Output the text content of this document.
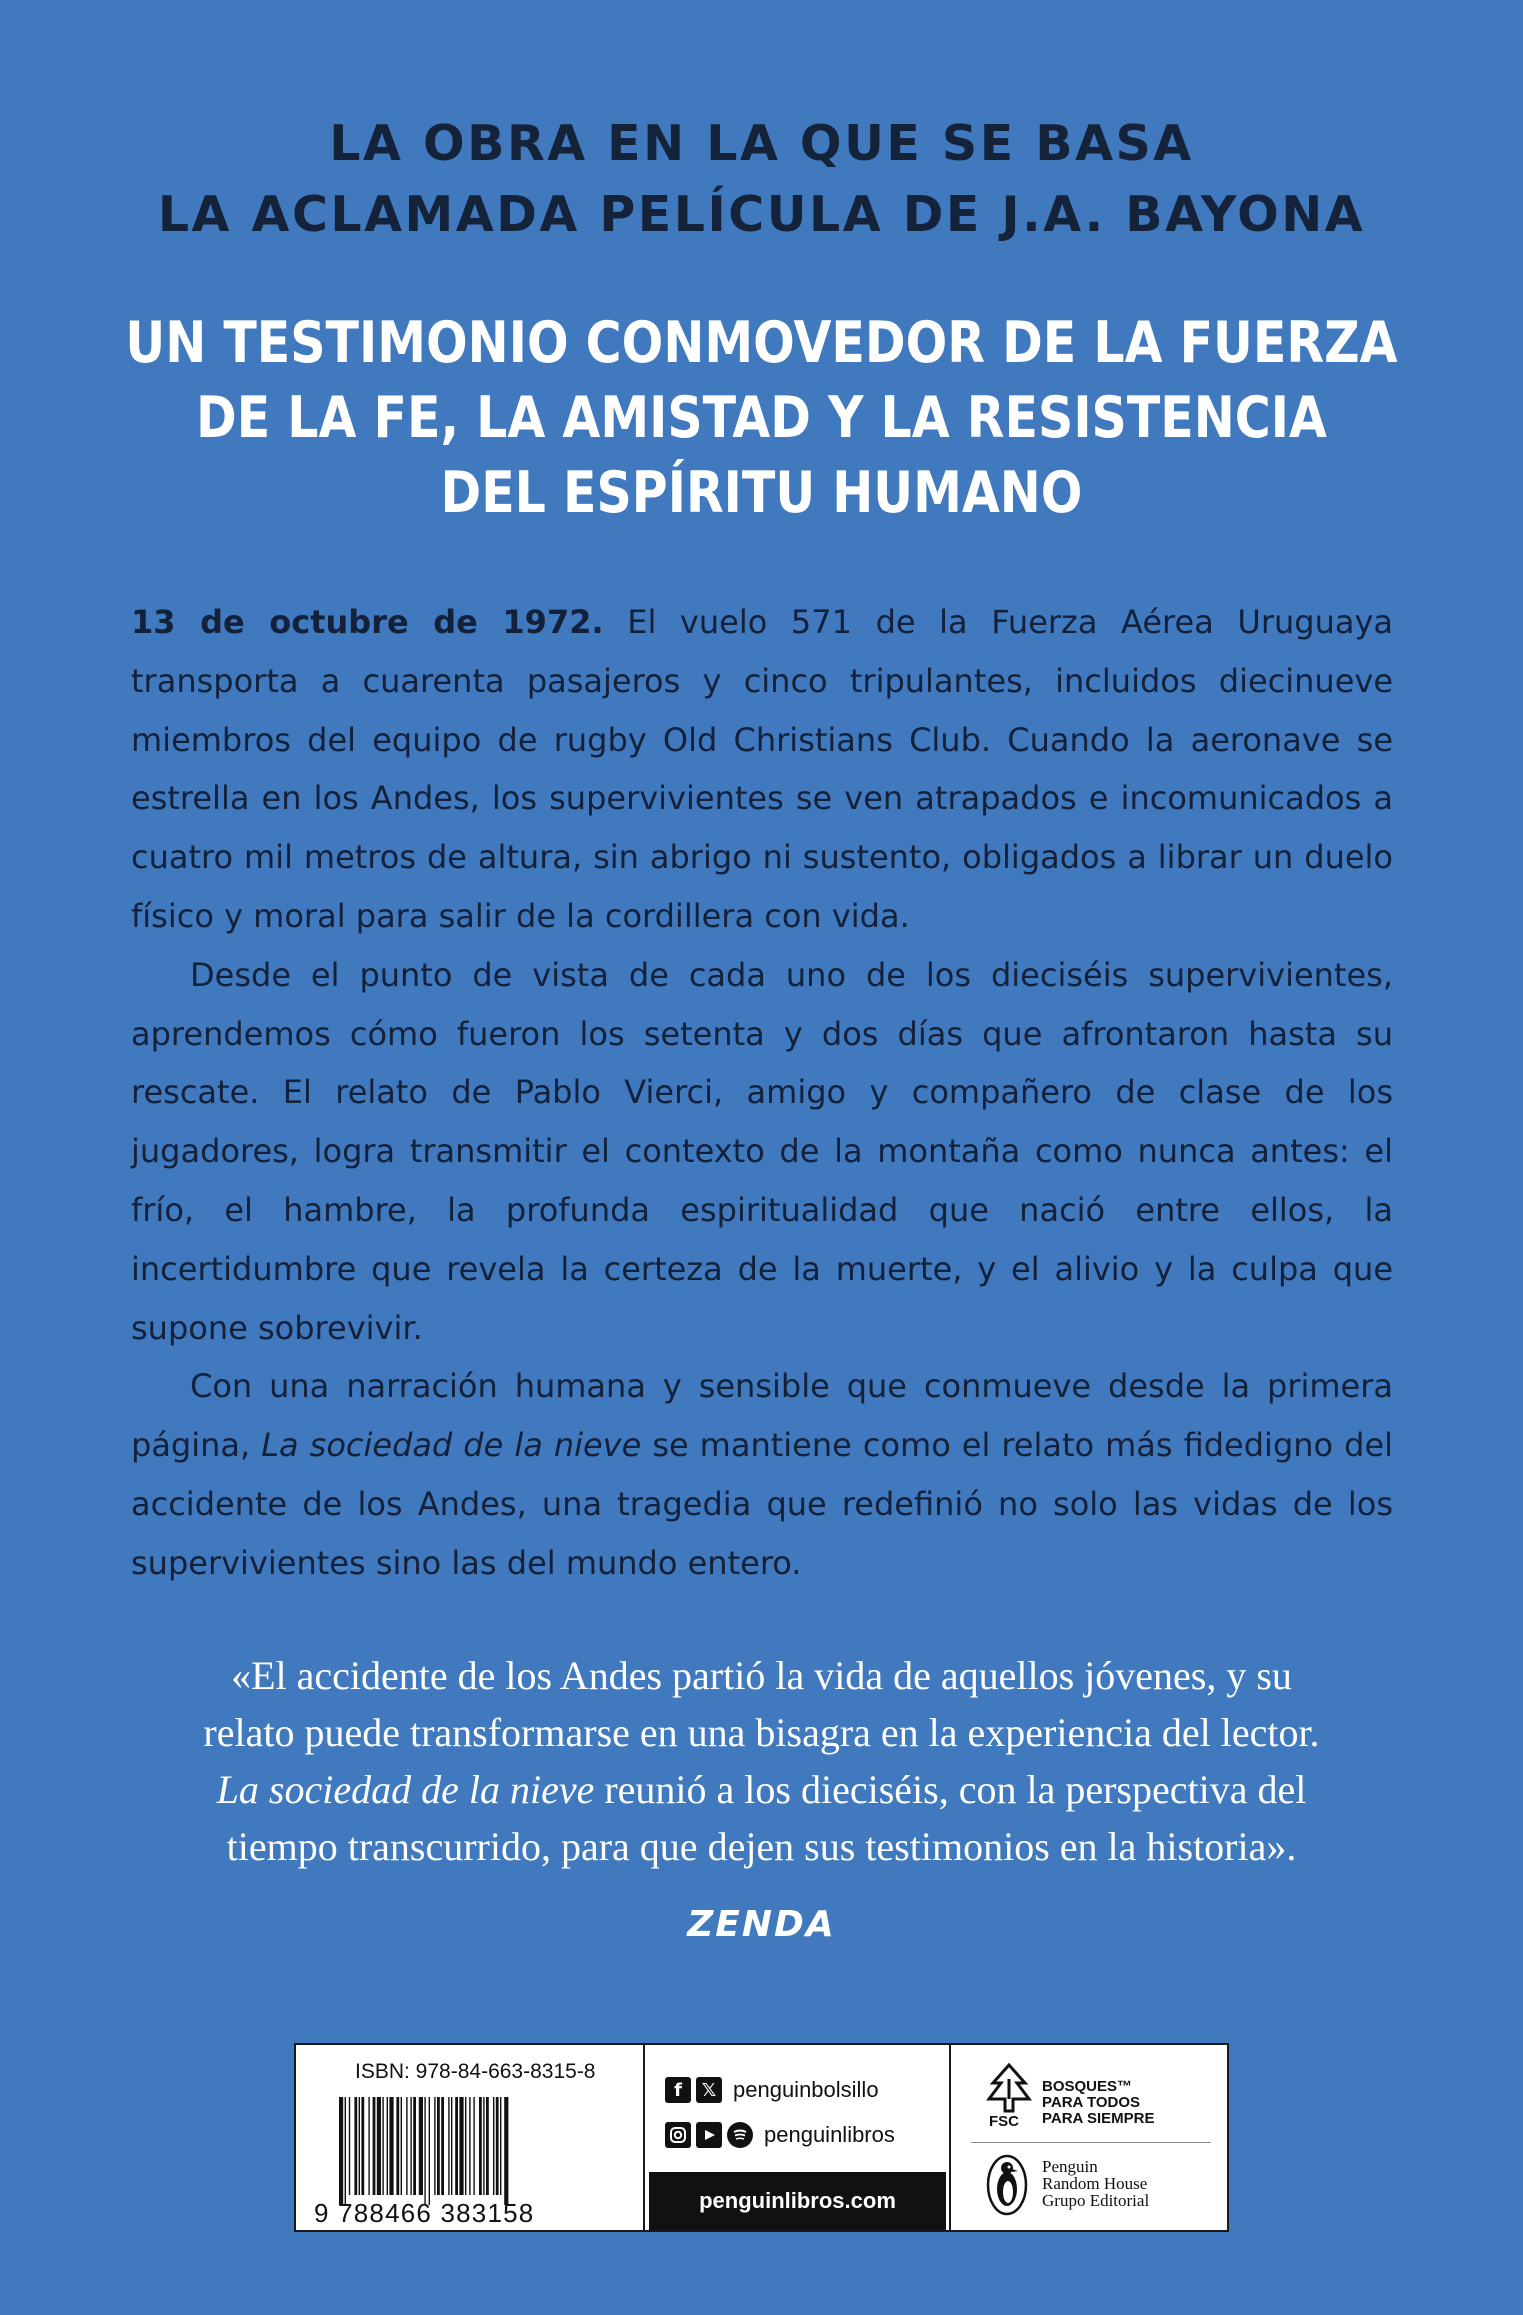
LA OBRA EN LA QUE SE BASA
LA ACLAMADA PELÍCULA DE J.A. BAYONA
UN TESTIMONIO CONMOVEDOR DE LA FUERZA
DE LA FE, LA AMISTAD Y LA RESISTENCIA
DEL ESPÍRITU HUMANO

13 de octubre de 1972. El vuelo 571 de la Fuerza Aérea Uruguaya transporta a cuarenta pasajeros y cinco tripulantes, incluidos diecinueve miembros del equipo de rugby Old Christians Club. Cuando la aeronave se estrella en los Andes, los supervivientes se ven atrapados e incomunicados a cuatro mil metros de altura, sin abrigo ni sustento, obligados a librar un duelo físico y moral para salir de la cordillera con vida.

Desde el punto de vista de cada uno de los dieciséis supervivientes, aprendemos cómo fueron los setenta y dos días que afrontaron hasta su rescate. El relato de Pablo Vierci, amigo y compañero de clase de los jugadores, logra transmitir el contexto de la montaña como nunca antes: el frío, el hambre, la profunda espiritualidad que nació entre ellos, la incertidumbre que revela la certeza de la muerte, y el alivio y la culpa que supone sobrevivir.

Con una narración humana y sensible que conmueve desde la primera página, La sociedad de la nieve se mantiene como el relato más fidedigno del accidente de los Andes, una tragedia que redefinió no solo las vidas de los supervivientes sino las del mundo entero.

«El accidente de los Andes partió la vida de aquellos jóvenes, y su
relato puede transformarse en una bisagra en la experiencia del lector.
La sociedad de la nieve reunió a los dieciséis, con la perspectiva del
tiempo transcurrido, para que dejen sus testimonios en la historia».
ZENDA
ISBN: 978-84-663-8315-8
9 788466 383158
f	𝕏 penguinbolsillo
penguinlibros
penguinlibros.com
BOSQUES™
PARA TODOS
PARA SIEMPRE
FSC
Penguin
Random House
Grupo Editorial
